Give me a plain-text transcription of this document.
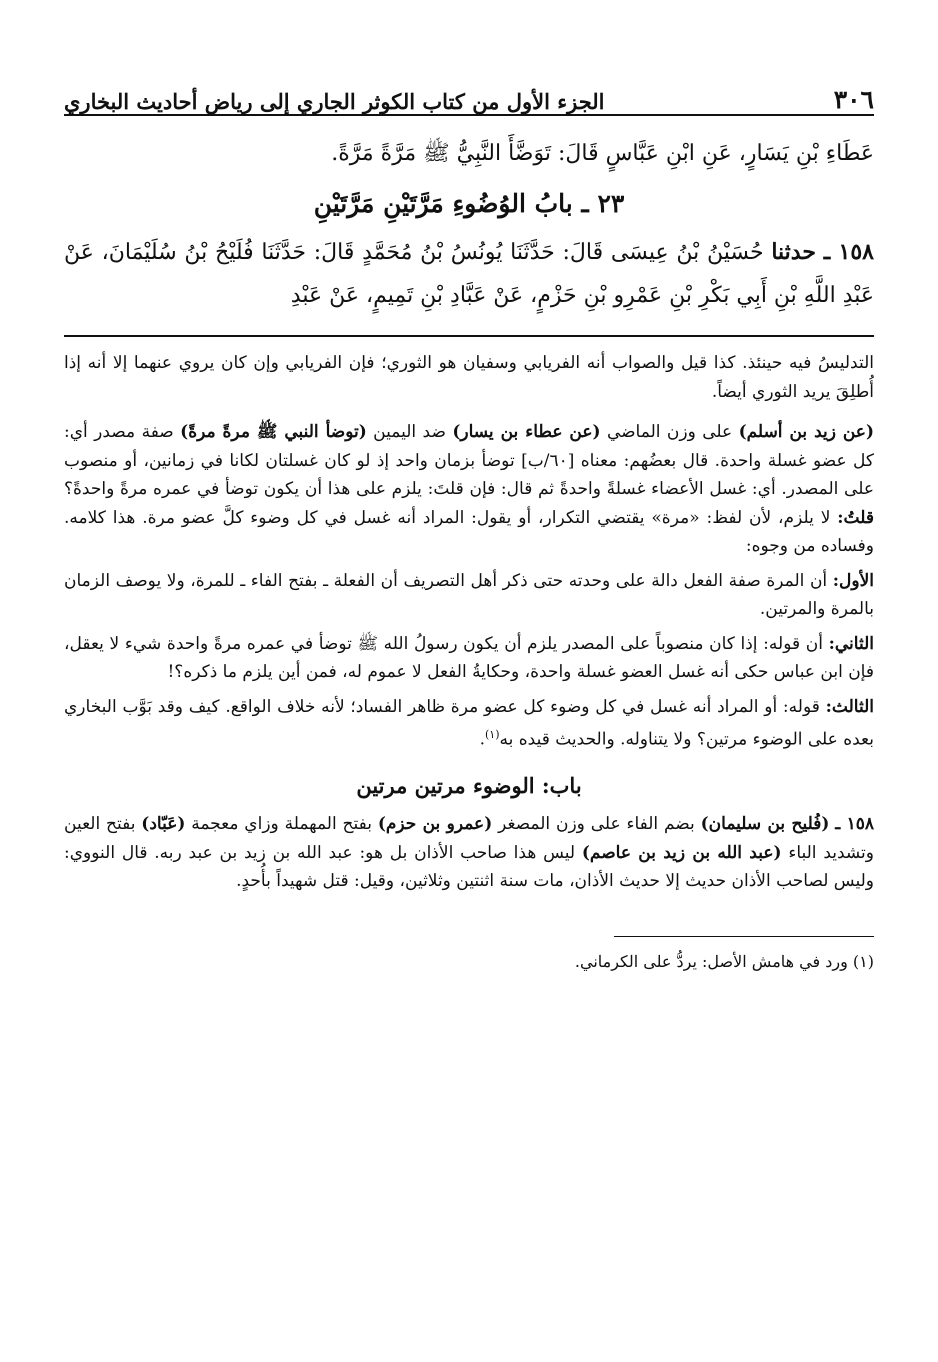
٣٠٦
الجزء الأول من كتاب الكوثر الجاري إلى رياض أحاديث البخاري

عَطَاءِ بْنِ يَسَارٍ، عَنِ ابْنِ عَبَّاسٍ قَالَ: تَوَضَّأَ النَّبِيُّ ﷺ مَرَّةً مَرَّةً.

٢٣ ـ بابُ الوُضُوءِ مَرَّتَيْنِ مَرَّتَيْنِ

١٥٨ ـ حدثنا حُسَيْنُ بْنُ عِيسَى قَالَ: حَدَّثَنَا يُونُسُ بْنُ مُحَمَّدٍ قَالَ: حَدَّثَنَا فُلَيْحُ بْنُ سُلَيْمَانَ، عَنْ عَبْدِ اللَّهِ بْنِ أَبِي بَكْرِ بْنِ عَمْرِو بْنِ حَزْمٍ، عَنْ عَبَّادِ بْنِ تَمِيمٍ، عَنْ عَبْدِ

التدليسُ فيه حينئذ. كذا قيل والصواب أنه الفريابي وسفيان هو الثوري؛ فإن الفريابي وإن كان يروي عنهما إلا أنه إذا أُطلِقَ يريد الثوري أيضاً.

(عن زيد بن أسلم) على وزن الماضي (عن عطاء بن يسار) ضد اليمين (توضأ النبي ﷺ مرةً مرةً) صفة مصدر أي: كل عضو غسلة واحدة. قال بعضُهم: معناه [٦٠/ب] توضأ بزمان واحد إذ لو كان غسلتان لكانا في زمانين، أو منصوب على المصدر. أي: غسل الأعضاء غسلةً واحدةً ثم قال: فإن قلتَ: يلزم على هذا أن يكون توضأ في عمره مرةً واحدةً؟ قلتُ: لا يلزم، لأن لفظ: «مرة» يقتضي التكرار، أو يقول: المراد أنه غسل في كل وضوء كلَّ عضو مرة. هذا كلامه. وفساده من وجوه:

الأول: أن المرة صفة الفعل دالة على وحدته حتى ذكر أهل التصريف أن الفعلة ـ بفتح الفاء ـ للمرة، ولا يوصف الزمان بالمرة والمرتين.

الثاني: أن قوله: إذا كان منصوباً على المصدر يلزم أن يكون رسولُ الله ﷺ توضأ في عمره مرةً واحدة شيء لا يعقل، فإن ابن عباس حكى أنه غسل العضو غسلة واحدة، وحكايةُ الفعل لا عموم له، فمن أين يلزم ما ذكره؟!

الثالث: قوله: أو المراد أنه غسل في كل وضوء كل عضو مرة ظاهر الفساد؛ لأنه خلاف الواقع. كيف وقد بَوَّب البخاري بعده على الوضوء مرتين؟ ولا يتناوله. والحديث قيده به$^{(١)}$.

باب: الوضوء مرتين مرتين

١٥٨ ـ (فُليح بن سليمان) بضم الفاء على وزن المصغر (عمرو بن حزم) بفتح المهملة وزاي معجمة (عَبّاد) بفتح العين وتشديد الباء (عبد الله بن زيد بن عاصم) ليس هذا صاحب الأذان بل هو: عبد الله بن زيد بن عبد ربه. قال النووي: وليس لصاحب الأذان حديث إلا حديث الأذان، مات سنة اثنتين وثلاثين، وقيل: قتل شهيداً بأُحدٍ.

(١) ورد في هامش الأصل: يردُّ على الكرماني.
